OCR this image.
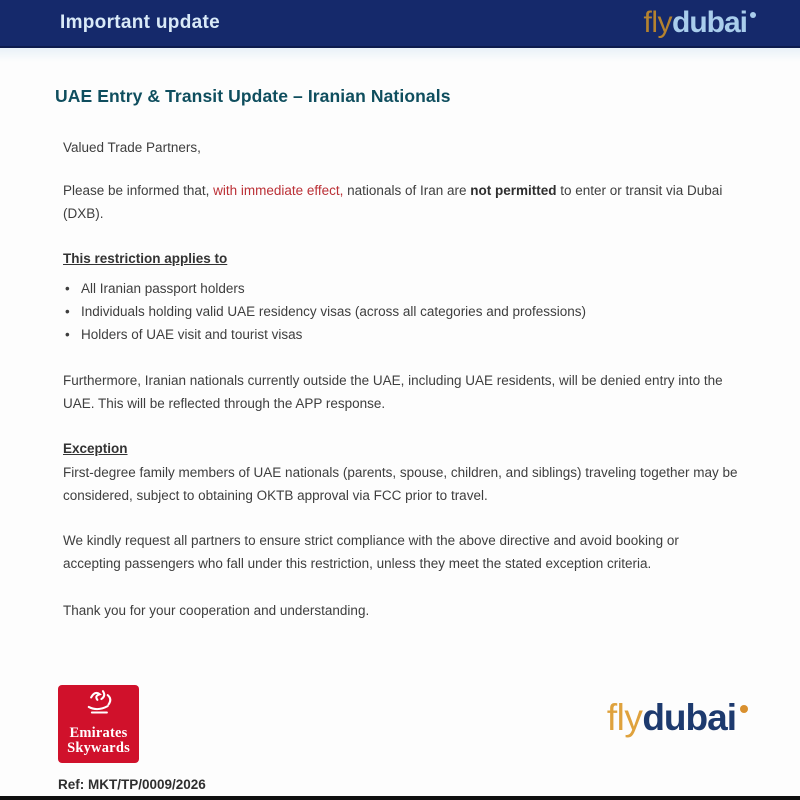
Important update	flydubai
UAE Entry & Transit Update – Iranian Nationals

Valued Trade Partners,

Please be informed that, with immediate effect, nationals of Iran are not permitted to enter or transit via Dubai (DXB).

This restriction applies to

• All Iranian passport holders
• Individuals holding valid UAE residency visas (across all categories and professions)
• Holders of UAE visit and tourist visas

Furthermore, Iranian nationals currently outside the UAE, including UAE residents, will be denied entry into the UAE. This will be reflected through the APP response.

Exception

First-degree family members of UAE nationals (parents, spouse, children, and siblings) traveling together may be considered, subject to obtaining OKTB approval via FCC prior to travel.

We kindly request all partners to ensure strict compliance with the above directive and avoid booking or accepting passengers who fall under this restriction, unless they meet the stated exception criteria.

Thank you for your cooperation and understanding.

Emirates
Skywards
flydubai

Ref: MKT/TP/0009/2026
